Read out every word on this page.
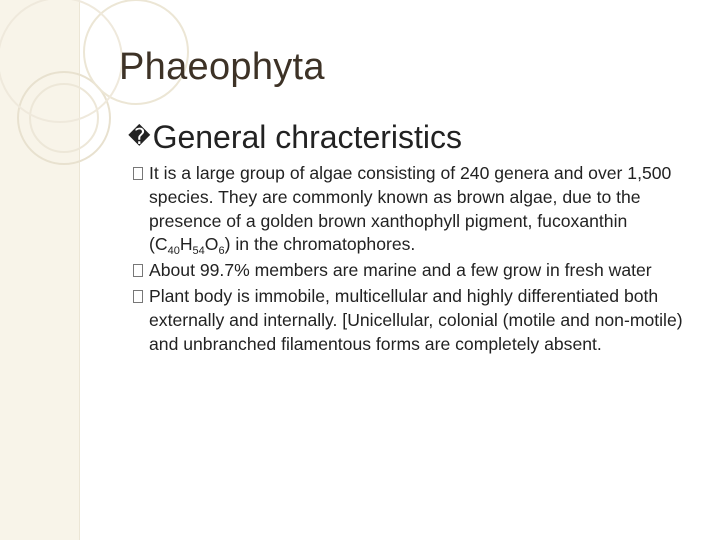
Phaeophyta
�General chracteristics
It is a large group of algae consisting of 240 genera and over 1,500 species. They are commonly known as brown algae, due to the presence of a golden brown xanthophyll pigment, fucoxanthin $(C_{40}H_{54}O_6)$ in the chromatophores.
About 99.7% members are marine and a few grow in fresh water
Plant body is immobile, multicellular and highly differentiated both externally and internally. [Unicellular, colonial (motile and non-motile) and unbranched filamentous forms are completely absent.
